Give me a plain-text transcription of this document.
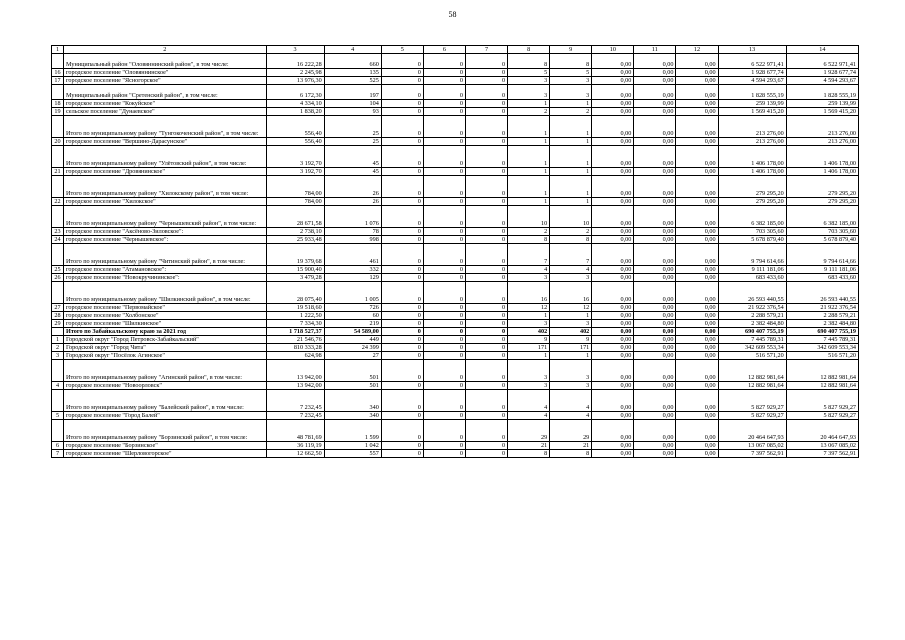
58
1	2	3	4	5	6	7	8	9	10	11	12	13	14
	Муниципальный район "Оловяннинский район", в том числе:	16 222,28	660	0	0	0	8	8	0,00	0,00	0,00	6 522 971,41	6 522 971,41
16	городское поселение "Оловяннинское"	2 245,98	135	0	0	0	5	5	0,00	0,00	0,00	1 928 677,74	1 928 677,74
17	городское поселение "Ясногорское"	13 976,30	525	0	0	0	3	3	0,00	0,00	0,00	4 594 293,67	4 594 293,67
	Муниципальный район "Сретенский район", в том числе:	6 172,30	197	0	0	0	3	3	0,00	0,00	0,00	1 828 555,19	1 828 555,19
18	городское поселение "Кокуйское"	4 334,10	104	0	0	0	1	1	0,00	0,00	0,00	259 139,99	259 139,99
19	сельское поселение "Дунаевское"	1 838,20	93	0	0	0	2	2	0,00	0,00	0,00	1 569 415,20	1 569 415,20
	Итого по муниципальному району "Тунгокоченский район", в том числе:	556,40	25	0	0	0	1	1	0,00	0,00	0,00	213 276,00	213 276,00
20	городское поселение "Вершино-Дарасунское"	556,40	25	0	0	0	1	1	0,00	0,00	0,00	213 276,00	213 276,00
	Итого по муниципальному району "Улётовский район", в том числе:	3 192,70	45	0	0	0	1	1	0,00	0,00	0,00	1 406 178,00	1 406 178,00
21	городское поселение "Дровянинское"	3 192,70	45	0	0	0	1	1	0,00	0,00	0,00	1 406 178,00	1 406 178,00
	Итого по муниципальному району "Хилокскому район", в том числе:	784,00	26	0	0	0	1	1	0,00	0,00	0,00	279 295,20	279 295,20
22	городское поселение "Хилокское"	784,00	26	0	0	0	1	1	0,00	0,00	0,00	279 295,20	279 295,20
	Итого по муниципальному району "Чернышевский район", в том числе:	28 671,58	1 076	0	0	0	10	10	0,00	0,00	0,00	6 382 185,00	6 382 185,00
23	городское поселение "Аксёново-Зиловское":	2 738,10	78	0	0	0	2	2	0,00	0,00	0,00	703 305,60	703 305,60
24	городское поселение "Чернышевское":	25 933,48	998	0	0	0	8	8	0,00	0,00	0,00	5 678 879,40	5 678 879,40
	Итого по муниципальному району "Читинский район", в том числе:	19 379,68	461	0	0	0	7	7	0,00	0,00	0,00	9 794 614,66	9 794 614,66
25	городское поселение "Атамановское":	15 900,40	332	0	0	0	4	4	0,00	0,00	0,00	9 111 181,06	9 111 181,06
26	городское поселение "Новокручининское":	3 479,28	129	0	0	0	3	3	0,00	0,00	0,00	683 433,60	683 433,60
	Итого по муниципальному району "Шилкинский район", в том числе:	28 075,40	1 005	0	0	0	16	16	0,00	0,00	0,00	26 593 440,55	26 593 440,55
27	городское поселение "Первомайское"	19 518,60	726	0	0	0	12	12	0,00	0,00	0,00	21 922 376,54	21 922 376,54
28	городское поселение "Холбонское"	1 222,50	60	0	0	0	1	1	0,00	0,00	0,00	2 288 579,21	2 288 579,21
29	городское поселение "Шилкинское"	7 334,30	219	0	0	0	3	3	0,00	0,00	0,00	2 382 484,80	2 382 484,80
	Итого по Забайкальскому краю за 2021 год	1 718 527,37	54 589,00	0	0	0	402	402	0,00	0,00	0,00	690 407 755,19	690 407 755,19
1	Городской округ "Город Петровск-Забайкальский"	21 546,76	449	0	0	0	9	9	0,00	0,00	0,00	7 445 789,31	7 445 789,31
2	Городской округ "Город Чита"	810 333,28	24 399	0	0	0	171	171	0,00	0,00	0,00	342 609 553,34	342 609 553,34
3	Городской округ "Посёлок Агинское"	624,98	27	0	0	0	1	1	0,00	0,00	0,00	516 571,20	516 571,20
	Итого по муниципальному району "Агинский район", в том числе:	13 942,00	501	0	0	0	3	3	0,00	0,00	0,00	12 882 981,64	12 882 981,64
4	городское поселение "Новоорловск"	13 942,00	501	0	0	0	3	3	0,00	0,00	0,00	12 882 981,64	12 882 981,64
	Итого по муниципальному району "Балейский район", в том числе:	7 232,45	340	0	0	0	4	4	0,00	0,00	0,00	5 827 929,27	5 827 929,27
5	городское поселение "Город Балей"	7 232,45	340	0	0	0	4	4	0,00	0,00	0,00	5 827 929,27	5 827 929,27
	Итого по муниципальному району "Борзинский район", в том числе:	48 781,69	1 599	0	0	0	29	29	0,00	0,00	0,00	20 464 647,93	20 464 647,93
6	городское поселение "Борзинское"	36 119,19	1 042	0	0	0	21	21	0,00	0,00	0,00	13 067 085,02	13 067 085,02
7	городское поселение "Шерловогорское"	12 662,50	557	0	0	0	8	8	0,00	0,00	0,00	7 397 562,91	7 397 562,91
